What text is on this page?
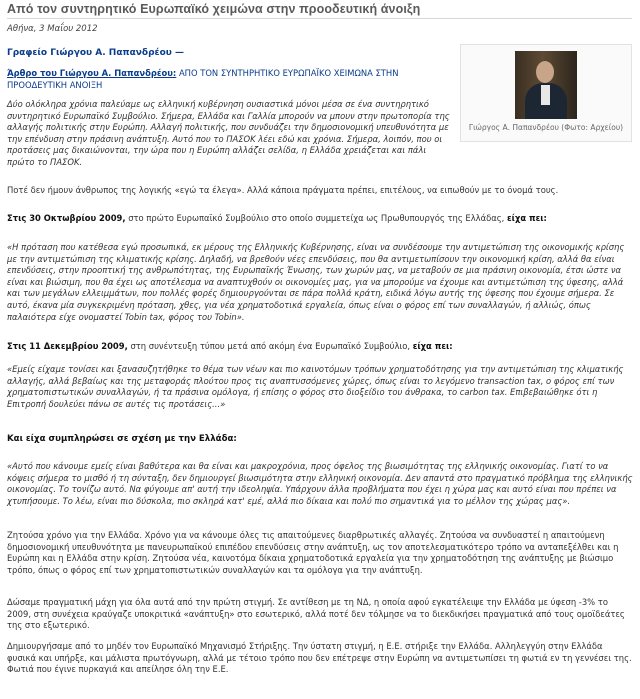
Από τον συντηρητικό Ευρωπαϊκό χειμώνα στην προοδευτική άνοιξη
Αθήνα, 3 Μαΐου 2012
Γραφείο Γιώργου Α. Παπανδρέου —
Γιώργος Α. Παπανδρέου (Φωτο: Αρχείου)

Άρθρο του Γιώργου Α. Παπανδρέου: ΑΠΟ ΤΟΝ ΣΥΝΤΗΡΗΤΙΚΟ ΕΥΡΩΠΑΪΚΟ ΧΕΙΜΩΝΑ ΣΤΗΝ ΠΡΟΟΔΕΥΤΙΚΗ ΑΝΟΙΞΗ

Δύο ολόκληρα χρόνια παλεύαμε ως ελληνική κυβέρνηση ουσιαστικά μόνοι μέσα σε ένα συντηρητικό συντηρητικό Ευρωπαϊκό Συμβούλιο. Σήμερα, Ελλάδα και Γαλλία μπορούν να μπουν στην πρωτοπορία της αλλαγής πολιτικής στην Ευρώπη. Αλλαγή πολιτικής, που συνδυάζει την δημοσιονομική υπευθυνότητα με την επένδυση στην πράσινη ανάπτυξη. Αυτό που το ΠΑΣΟΚ λέει εδώ και χρόνια. Σήμερα, λοιπόν, που οι προτάσεις μας δικαιώνονται, την ώρα που η Ευρώπη αλλάζει σελίδα, η Ελλάδα χρειάζεται και πάλι πρώτο το ΠΑΣΟΚ.

Ποτέ δεν ήμουν άνθρωπος της λογικής «εγώ τα έλεγα». Αλλά κάποια πράγματα πρέπει, επιτέλους, να ειπωθούν με το όνομά τους.

Στις 30 Οκτωβρίου 2009, στο πρώτο Ευρωπαϊκό Συμβούλιο στο οποίο συμμετείχα ως Πρωθυπουργός της Ελλάδας, είχα πει:

«Η πρόταση που κατέθεσα εγώ προσωπικά, εκ μέρους της Ελληνικής Κυβέρνησης, είναι να συνδέσουμε την αντιμετώπιση της οικονομικής κρίσης με την αντιμετώπιση της κλιματικής κρίσης. Δηλαδή, να βρεθούν νέες επενδύσεις, που θα αντιμετωπίσουν την οικονομική κρίση, αλλά θα είναι επενδύσεις, στην προοπτική της ανθρωπότητας, της Ευρωπαϊκής Ένωσης, των χωρών μας, να μεταβούν σε μια πράσινη οικονομία, έτσι ώστε να είναι και βιώσιμη, που θα έχει ως αποτέλεσμα να αναπτυχθούν οι οικονομίες μας, για να μπορούμε να έχουμε και αντιμετώπιση της ύφεσης, αλλά και των μεγάλων ελλειμμάτων, που πολλές φορές δημιουργούνται σε πάρα πολλά κράτη, ειδικά λόγω αυτής της ύφεσης που έχουμε σήμερα. Σε αυτό, έκανα μία συγκεκριμένη πρόταση, χθες, για νέα χρηματοδοτικά εργαλεία, όπως είναι ο φόρος επί των συναλλαγών, ή αλλιώς, όπως παλαιότερα είχε ονομαστεί Tobin tax, φόρος του Tobin».

Στις 11 Δεκεμβρίου 2009, στη συνέντευξη τύπου μετά από ακόμη ένα Ευρωπαϊκό Συμβούλιο, είχα πει:

«Εμείς είχαμε τονίσει και ξανασυζητήθηκε το θέμα των νέων και πιο καινοτόμων τρόπων χρηματοδότησης για την αντιμετώπιση της κλιματικής αλλαγής, αλλά βεβαίως και της μεταφοράς πλούτου προς τις αναπτυσσόμενες χώρες, όπως είναι το λεγόμενο transaction tax, ο φόρος επί των χρηματοπιστωτικών συναλλαγών, ή τα πράσινα ομόλογα, ή επίσης ο φόρος στο διοξείδιο του άνθρακα, το carbon tax. Επιβεβαιώθηκε ότι η Επιτροπή δουλεύει πάνω σε αυτές τις προτάσεις...»

Και είχα συμπληρώσει σε σχέση με την Ελλάδα:

«Αυτό που κάνουμε εμείς είναι βαθύτερα και θα είναι και μακροχρόνια, προς όφελος της βιωσιμότητας της ελληνικής οικονομίας. Γιατί το να κόψεις σήμερα το μισθό ή τη σύνταξη, δεν δημιουργεί βιωσιμότητα στην ελληνική οικονομία. Δεν απαντά στο πραγματικό πρόβλημα της ελληνικής οικονομίας. Το τονίζω αυτό. Να φύγουμε απ' αυτή την ιδεοληψία. Υπάρχουν άλλα προβλήματα που έχει η χώρα μας και αυτό είναι που πρέπει να χτυπήσουμε. Το λέω, είναι πιο δύσκολα, πιο σκληρά κατ' εμέ, αλλά πιο δίκαια και πολύ πιο σημαντικά για το μέλλον της χώρας μας».

Ζητούσα χρόνο για την Ελλάδα. Χρόνο για να κάνουμε όλες τις απαιτούμενες διαρθρωτικές αλλαγές. Ζητούσα να συνδυαστεί η απαιτούμενη δημοσιονομική υπευθυνότητα με πανευρωπαϊκού επιπέδου επενδύσεις στην ανάπτυξη, ως τον αποτελεσματικότερο τρόπο να ανταπεξέλθει και η Ευρώπη και η Ελλάδα στην κρίση. Ζητούσα νέα, καινοτόμα δίκαια χρηματοδοτικά εργαλεία για την χρηματοδότηση της ανάπτυξης με βιώσιμο τρόπο, όπως ο φόρος επί των χρηματοπιστωτικών συναλλαγών και τα ομόλογα για την ανάπτυξη.

Δώσαμε πραγματική μάχη για όλα αυτά από την πρώτη στιγμή. Σε αντίθεση με τη ΝΔ, η οποία αφού εγκατέλειψε την Ελλάδα με ύφεση -3% το 2009, στη συνέχεια κραύγαζε υποκριτικά «ανάπτυξη» στο εσωτερικό, αλλά ποτέ δεν τόλμησε να το διεκδικήσει πραγματικά από τους ομοϊδεάτες της στο εξωτερικό.

Δημιουργήσαμε από το μηδέν τον Ευρωπαϊκό Μηχανισμό Στήριξης. Την ύστατη στιγμή, η Ε.Ε. στήριξε την Ελλάδα. Αλληλεγγύη στην Ελλάδα φυσικά και υπήρξε, και μάλιστα πρωτόγνωρη, αλλά με τέτοιο τρόπο που δεν επέτρεψε στην Ευρώπη να αντιμετωπίσει τη φωτιά εν τη γεννέσει της. Φωτιά που έγινε πυρκαγιά και απείλησε όλη την Ε.Ε.
